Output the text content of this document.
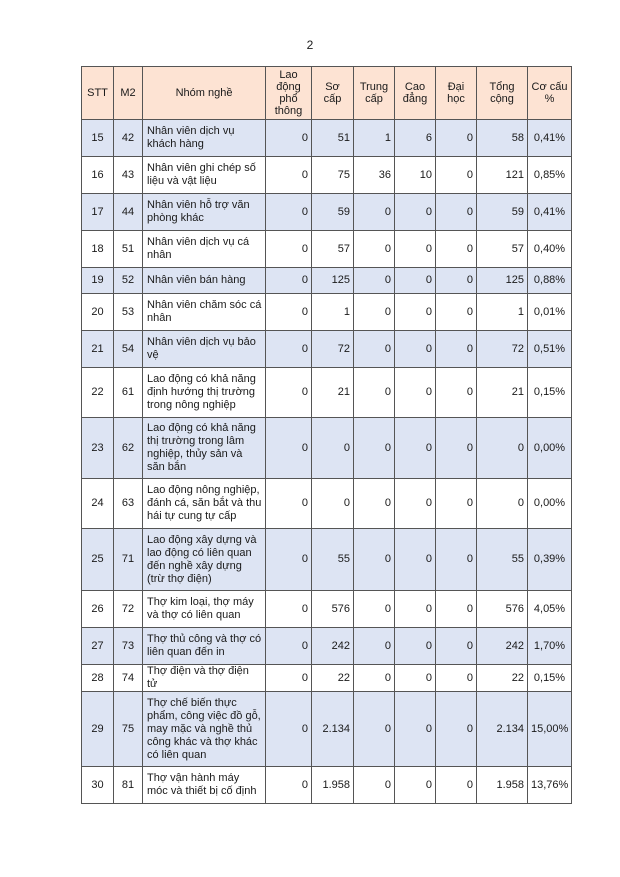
2
STT	M2	Nhóm nghề	Lao động phổ thông	Sơ cấp	Trung cấp	Cao đẳng	Đại học	Tổng cộng	Cơ cấu %
15	42	Nhân viên dịch vụ khách hàng	0	51	1	6	0	58	0,41%
16	43	Nhân viên ghi chép số liệu và vật liệu	0	75	36	10	0	121	0,85%
17	44	Nhân viên hỗ trợ văn phòng khác	0	59	0	0	0	59	0,41%
18	51	Nhân viên dịch vụ cá nhân	0	57	0	0	0	57	0,40%
19	52	Nhân viên bán hàng	0	125	0	0	0	125	0,88%
20	53	Nhân viên chăm sóc cá nhân	0	1	0	0	0	1	0,01%
21	54	Nhân viên dịch vụ bảo vệ	0	72	0	0	0	72	0,51%
22	61	Lao động có khả năng định hướng thị trường trong nông nghiệp	0	21	0	0	0	21	0,15%
23	62	Lao động có khả năng thị trường trong lâm nghiệp, thủy sản và săn bắn	0	0	0	0	0	0	0,00%
24	63	Lao động nông nghiệp, đánh cá, săn bắt và thu hái tự cung tự cấp	0	0	0	0	0	0	0,00%
25	71	Lao động xây dựng và lao động có liên quan đến nghề xây dựng (trừ thợ điện)	0	55	0	0	0	55	0,39%
26	72	Thợ kim loại, thợ máy và thợ có liên quan	0	576	0	0	0	576	4,05%
27	73	Thợ thủ công và thợ có liên quan đến in	0	242	0	0	0	242	1,70%
28	74	Thợ điện và thợ điện tử	0	22	0	0	0	22	0,15%
29	75	Thợ chế biến thực phẩm, công việc đồ gỗ, may mặc và nghề thủ công khác và thợ khác có liên quan	0	2.134	0	0	0	2.134	15,00%
30	81	Thợ vận hành máy móc và thiết bị cố định	0	1.958	0	0	0	1.958	13,76%
